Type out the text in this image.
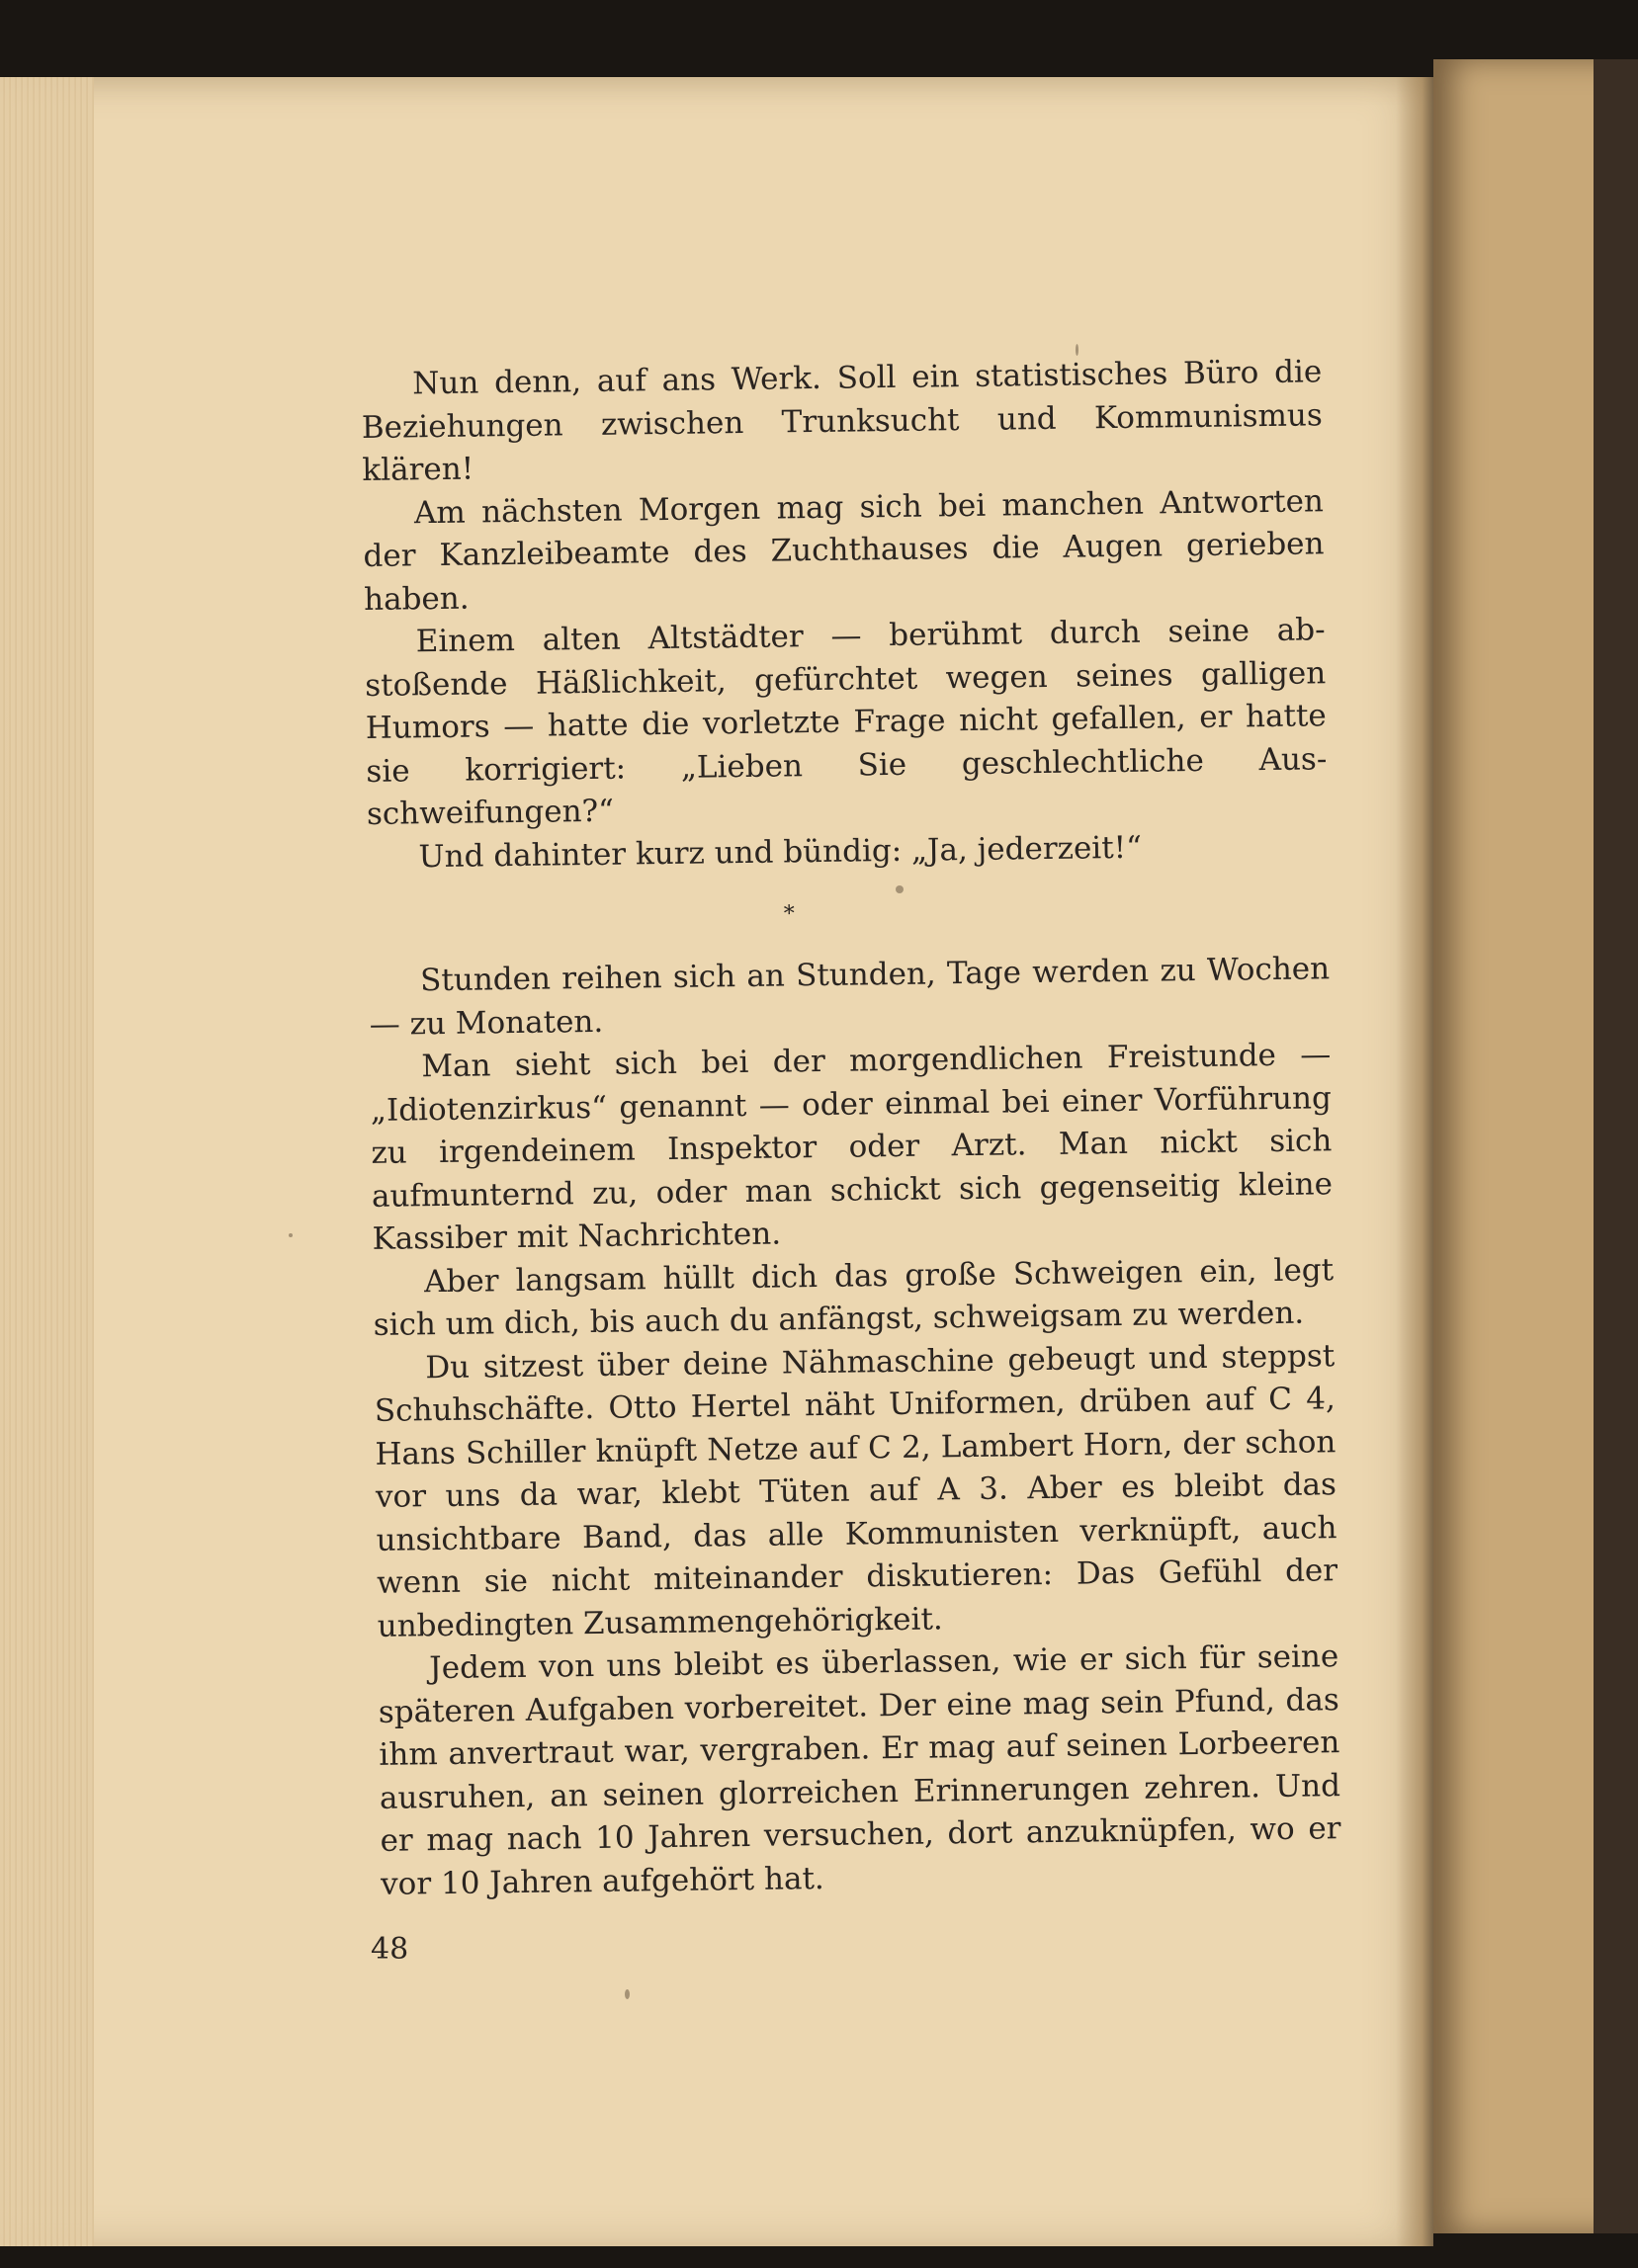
Nun denn, auf ans Werk. Soll ein statistisches Büro die Beziehungen zwischen Trunksucht und Kommunismus klären!

Am nächsten Morgen mag sich bei manchen Antworten der Kanzleibeamte des Zuchthauses die Augen gerieben haben.

Einem alten Altstädter — berühmt durch seine abstoßende Häßlichkeit, gefürchtet wegen seines galligen Humors — hatte die vorletzte Frage nicht gefallen, er hatte sie korrigiert: „Lieben Sie geschlechtliche Ausschweifungen?“

Und dahinter kurz und bündig: „Ja, jederzeit!“

*

Stunden reihen sich an Stunden, Tage werden zu Wochen — zu Monaten.

Man sieht sich bei der morgendlichen Freistunde — „Idiotenzirkus“ genannt — oder einmal bei einer Vorführung zu irgendeinem Inspektor oder Arzt. Man nickt sich aufmunternd zu, oder man schickt sich gegenseitig kleine Kassiber mit Nachrichten.

Aber langsam hüllt dich das große Schweigen ein, legt sich um dich, bis auch du anfängst, schweigsam zu werden.

Du sitzest über deine Nähmaschine gebeugt und steppst Schuhschäfte. Otto Hertel näht Uniformen, drüben auf C 4, Hans Schiller knüpft Netze auf C 2, Lambert Horn, der schon vor uns da war, klebt Tüten auf A 3. Aber es bleibt das unsichtbare Band, das alle Kommunisten verknüpft, auch wenn sie nicht miteinander diskutieren: Das Gefühl der unbedingten Zusammengehörigkeit.

Jedem von uns bleibt es überlassen, wie er sich für seine späteren Aufgaben vorbereitet. Der eine mag sein Pfund, das ihm anvertraut war, vergraben. Er mag auf seinen Lorbeeren ausruhen, an seinen glorreichen Erinnerungen zehren. Und er mag nach 10 Jahren versuchen, dort anzuknüpfen, wo er vor 10 Jahren aufgehört hat.

48
